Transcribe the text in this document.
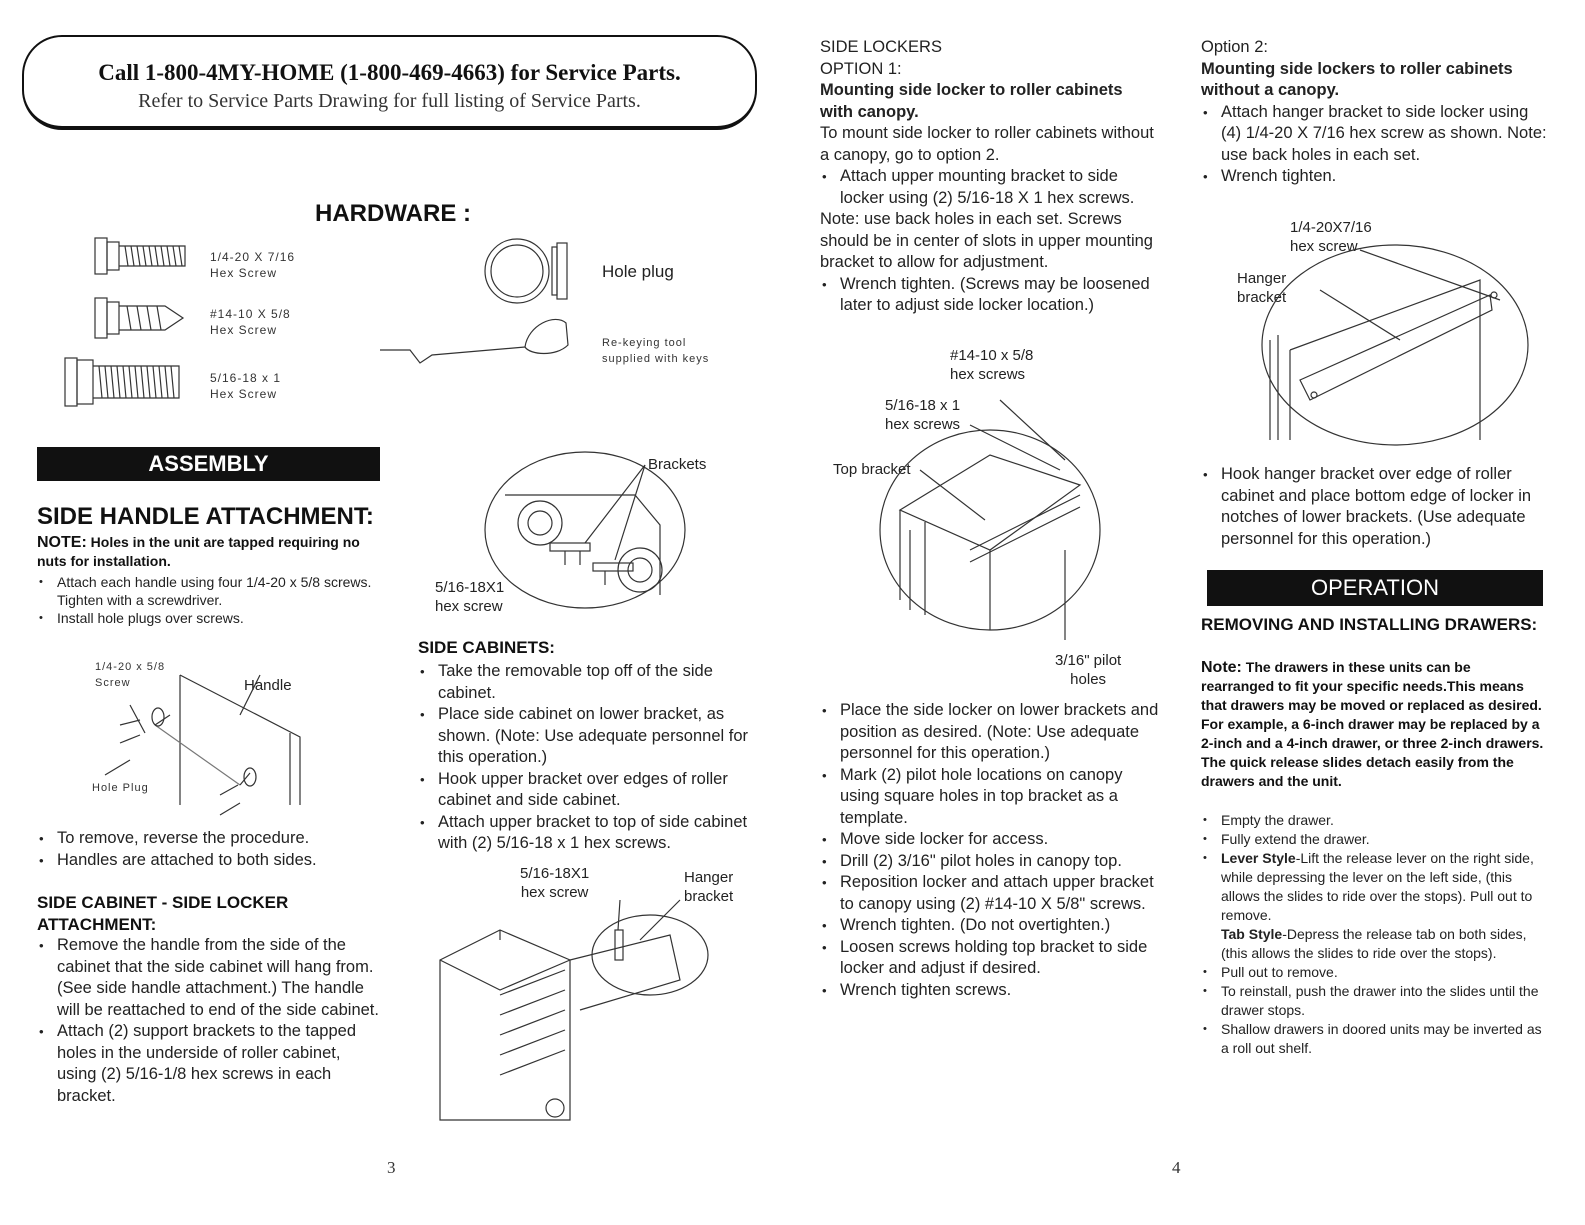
Call 1-800-4MY-HOME (1-800-469-4663) for Service Parts.
Refer to Service Parts Drawing for full listing of Service Parts.
HARDWARE :
1/4-20 X 7/16
Hex Screw
#14-10 X 5/8
Hex Screw
5/16-18 x 1
Hex Screw
Hole plug
Re-keying tool
supplied with keys
ASSEMBLY
SIDE HANDLE ATTACHMENT:
NOTE: Holes in the unit are tapped requiring no nuts for installation.
• Attach each handle using four 1/4-20 x 5/8 screws. Tighten with a screwdriver.
• Install hole plugs over screws.
1/4-20 x 5/8
Screw	Handle
Hole Plug
• To remove, reverse the procedure.
• Handles are attached to both sides.
SIDE CABINET - SIDE LOCKER ATTACHMENT:
• Remove the handle from the side of the cabinet that the side cabinet will hang from. (See side handle attachment.) The handle will be reattached to end of the side cabinet.
• Attach (2) support brackets to the tapped holes in the underside of roller cabinet, using (2) 5/16-1/8 hex screws in each bracket.
Brackets
5/16-18X1
hex screw
SIDE CABINETS:
• Take the removable top off of the side cabinet.
• Place side cabinet on lower bracket, as shown. (Note: Use adequate personnel for this operation.)
• Hook upper bracket over edges of roller cabinet and side cabinet.
• Attach upper bracket to top of side cabinet with (2) 5/16-18 x 1 hex screws.
5/16-18X1
hex screw
Hanger
bracket
SIDE LOCKERS
OPTION 1:
Mounting side locker to roller cabinets with canopy.
To mount side locker to roller cabinets without a canopy, go to option 2.
• Attach upper mounting bracket to side locker using (2) 5/16-18 X 1 hex screws.
Note: use back holes in each set. Screws should be in center of slots in upper mounting bracket to allow for adjustment.
• Wrench tighten. (Screws may be loosened later to adjust side locker location.)
#14-10 x 5/8
hex screws
5/16-18 x 1
hex screws
Top bracket
3/16" pilot
holes
• Place the side locker on lower brackets and position as desired. (Note: Use adequate personnel for this operation.)
• Mark (2) pilot hole locations on canopy using square holes in top bracket as a template.
• Move side locker for access.
• Drill (2) 3/16" pilot holes in canopy top.
• Reposition locker and attach upper bracket to canopy using (2) #14-10 X 5/8" screws.
• Wrench tighten. (Do not overtighten.)
• Loosen screws holding top bracket to side locker and adjust if desired.
• Wrench tighten screws.
Option 2:
Mounting side lockers to roller cabinets without a canopy.
• Attach hanger bracket to side locker using (4) 1/4-20 X 7/16 hex screw as shown. Note: use back holes in each set.
• Wrench tighten.
1/4-20X7/16
hex screw
Hanger
bracket
• Hook hanger bracket over edge of roller cabinet and place bottom edge of locker in notches of lower brackets. (Use adequate personnel for this operation.)
OPERATION
REMOVING AND INSTALLING DRAWERS:
Note: The drawers in these units can be rearranged to fit your specific needs.This means that drawers may be moved or replaced as desired. For example, a 6-inch drawer may be replaced by a 2-inch and a 4-inch drawer, or three 2-inch drawers. The quick release slides detach easily from the drawers and the unit.
• Empty the drawer.
• Fully extend the drawer.
• Lever Style-Lift the release lever on the right side, while depressing the lever on the left side, (this allows the slides to ride over the stops). Pull out to remove.
Tab Style-Depress the release tab on both sides, (this allows the slides to ride over the stops).
• Pull out to remove.
• To reinstall, push the drawer into the slides until the drawer stops.
• Shallow drawers in doored units may be inverted as a roll out shelf.
3	4
